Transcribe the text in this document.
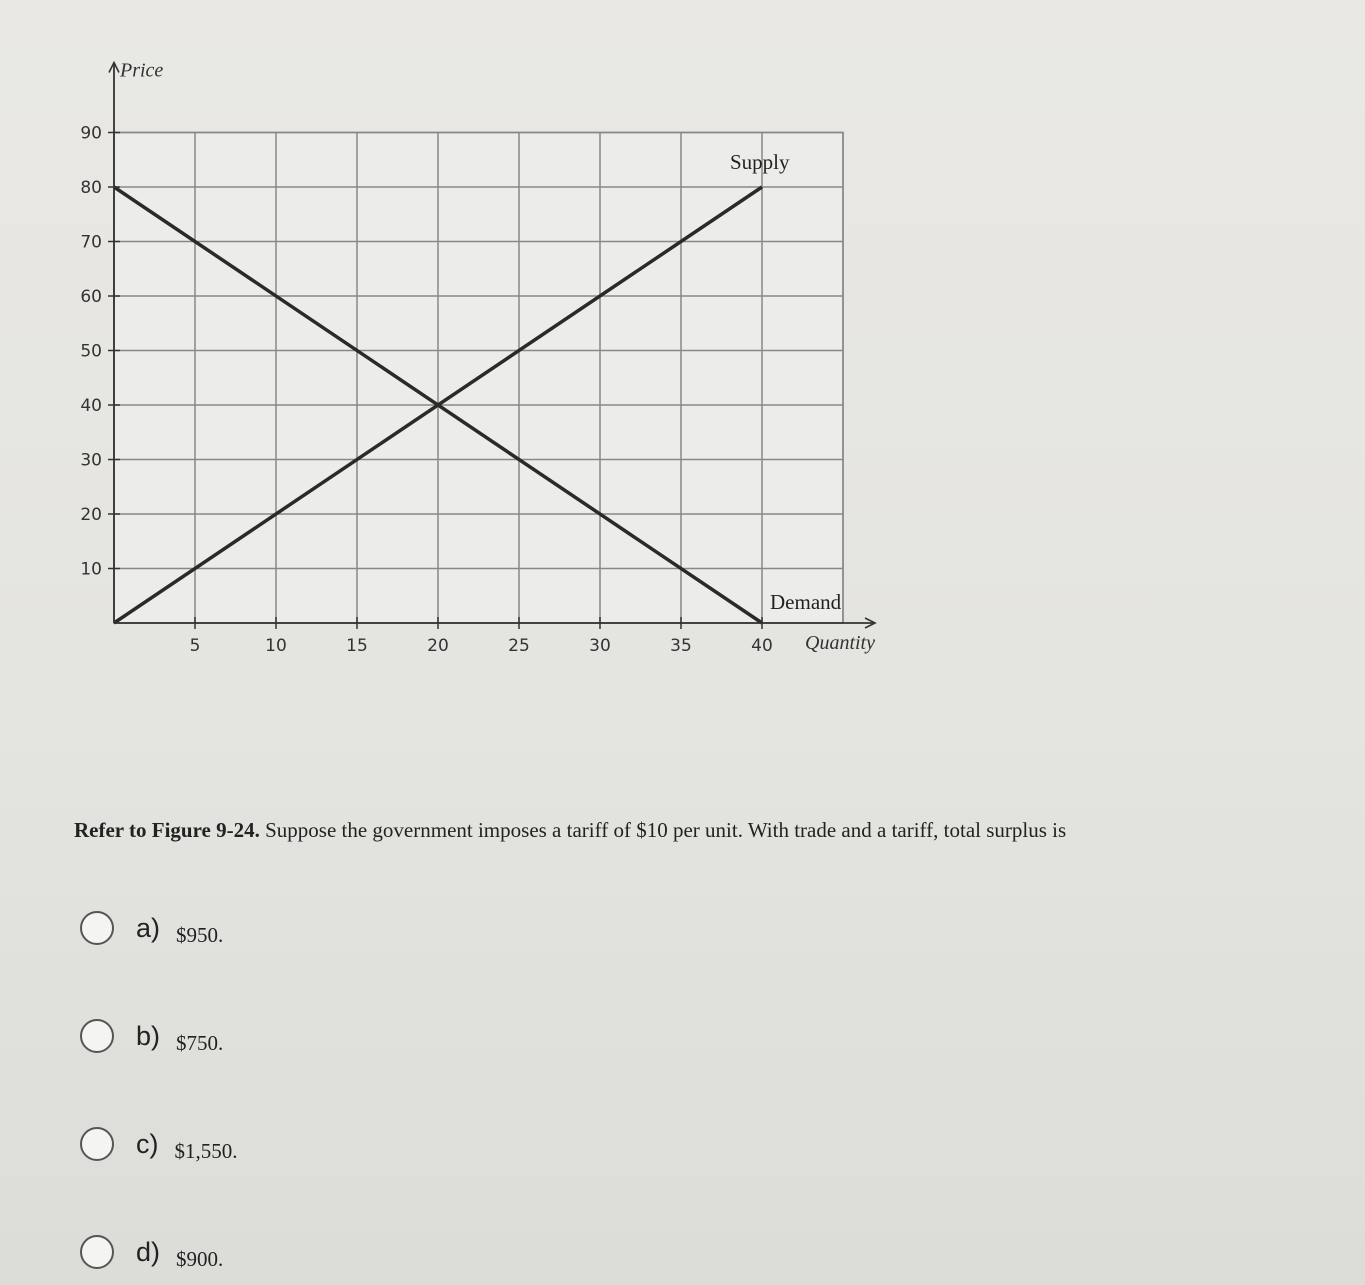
10
20
30
40
50
60
70
80
90
5	10	15	20	25	30	35	40
Price
Quantity
Supply
Demand
Refer to Figure 9-24. Suppose the government imposes a tariff of $10 per unit. With trade and a tariff, total surplus is
a) $950.
b) $750.
c) $1,550.
d) $900.
